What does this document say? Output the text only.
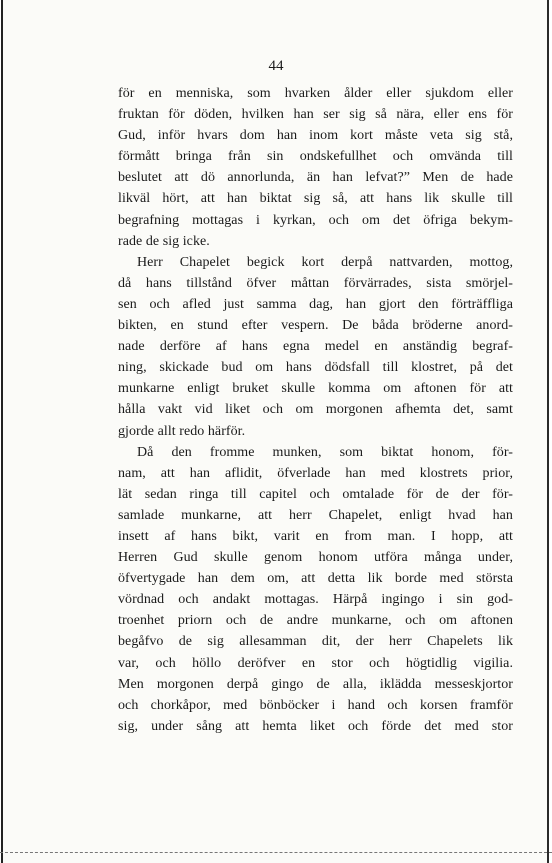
44
för en menniska, som hvarken ålder eller sjukdom eller
fruktan för döden, hvilken han ser sig så nära, eller ens för
Gud, inför hvars dom han inom kort måste veta sig stå,
förmått bringa från sin ondskefullhet och omvända till
beslutet att dö annorlunda, än han lefvat?” Men de hade
likväl hört, att han biktat sig så, att hans lik skulle till
begrafning mottagas i kyrkan, och om det öfriga bekym-
rade de sig icke.
Herr Chapelet begick kort derpå nattvarden, mottog,
då hans tillstånd öfver måttan förvärrades, sista smörjel-
sen och afled just samma dag, han gjort den förträffliga
bikten, en stund efter vespern. De båda bröderne anord-
nade derföre af hans egna medel en anständig begraf-
ning, skickade bud om hans dödsfall till klostret, på det
munkarne enligt bruket skulle komma om aftonen för att
hålla vakt vid liket och om morgonen afhemta det, samt
gjorde allt redo härför.
Då den fromme munken, som biktat honom, för-
nam, att han aflidit, öfverlade han med klostrets prior,
lät sedan ringa till capitel och omtalade för de der för-
samlade munkarne, att herr Chapelet, enligt hvad han
insett af hans bikt, varit en from man. I hopp, att
Herren Gud skulle genom honom utföra många under,
öfvertygade han dem om, att detta lik borde med största
vördnad och andakt mottagas. Härpå ingingo i sin god-
troenhet priorn och de andre munkarne, och om aftonen
begåfvo de sig allesamman dit, der herr Chapelets lik
var, och höllo deröfver en stor och högtidlig vigilia.
Men morgonen derpå gingo de alla, iklädda messeskjortor
och chorkåpor, med bönböcker i hand och korsen framför
sig, under sång att hemta liket och förde det med stor
